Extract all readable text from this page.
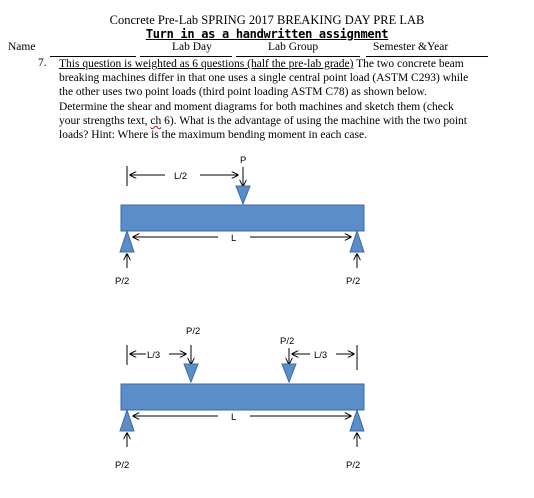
Concrete Pre-Lab SPRING 2017 BREAKING DAY PRE LAB
Turn in as a handwritten assignment
Name	Lab Day	Lab Group	Semester &Year
7. This question is weighted as 6 questions (half the pre-lab grade) The two concrete beam
breaking machines differ in that one uses a single central point load (ASTM C293) while
the other uses two point loads (third point loading ASTM C78) as shown below.
Determine the shear and moment diagrams for both machines and sketch them (check
your strengths text, ch 6). What is the advantage of using the machine with the two point
loads? Hint: Where is the maximum bending moment in each case.
L/2
P
L
P/2	P/2
P/2
P/2
L/3	L/3
L
P/2	P/2
